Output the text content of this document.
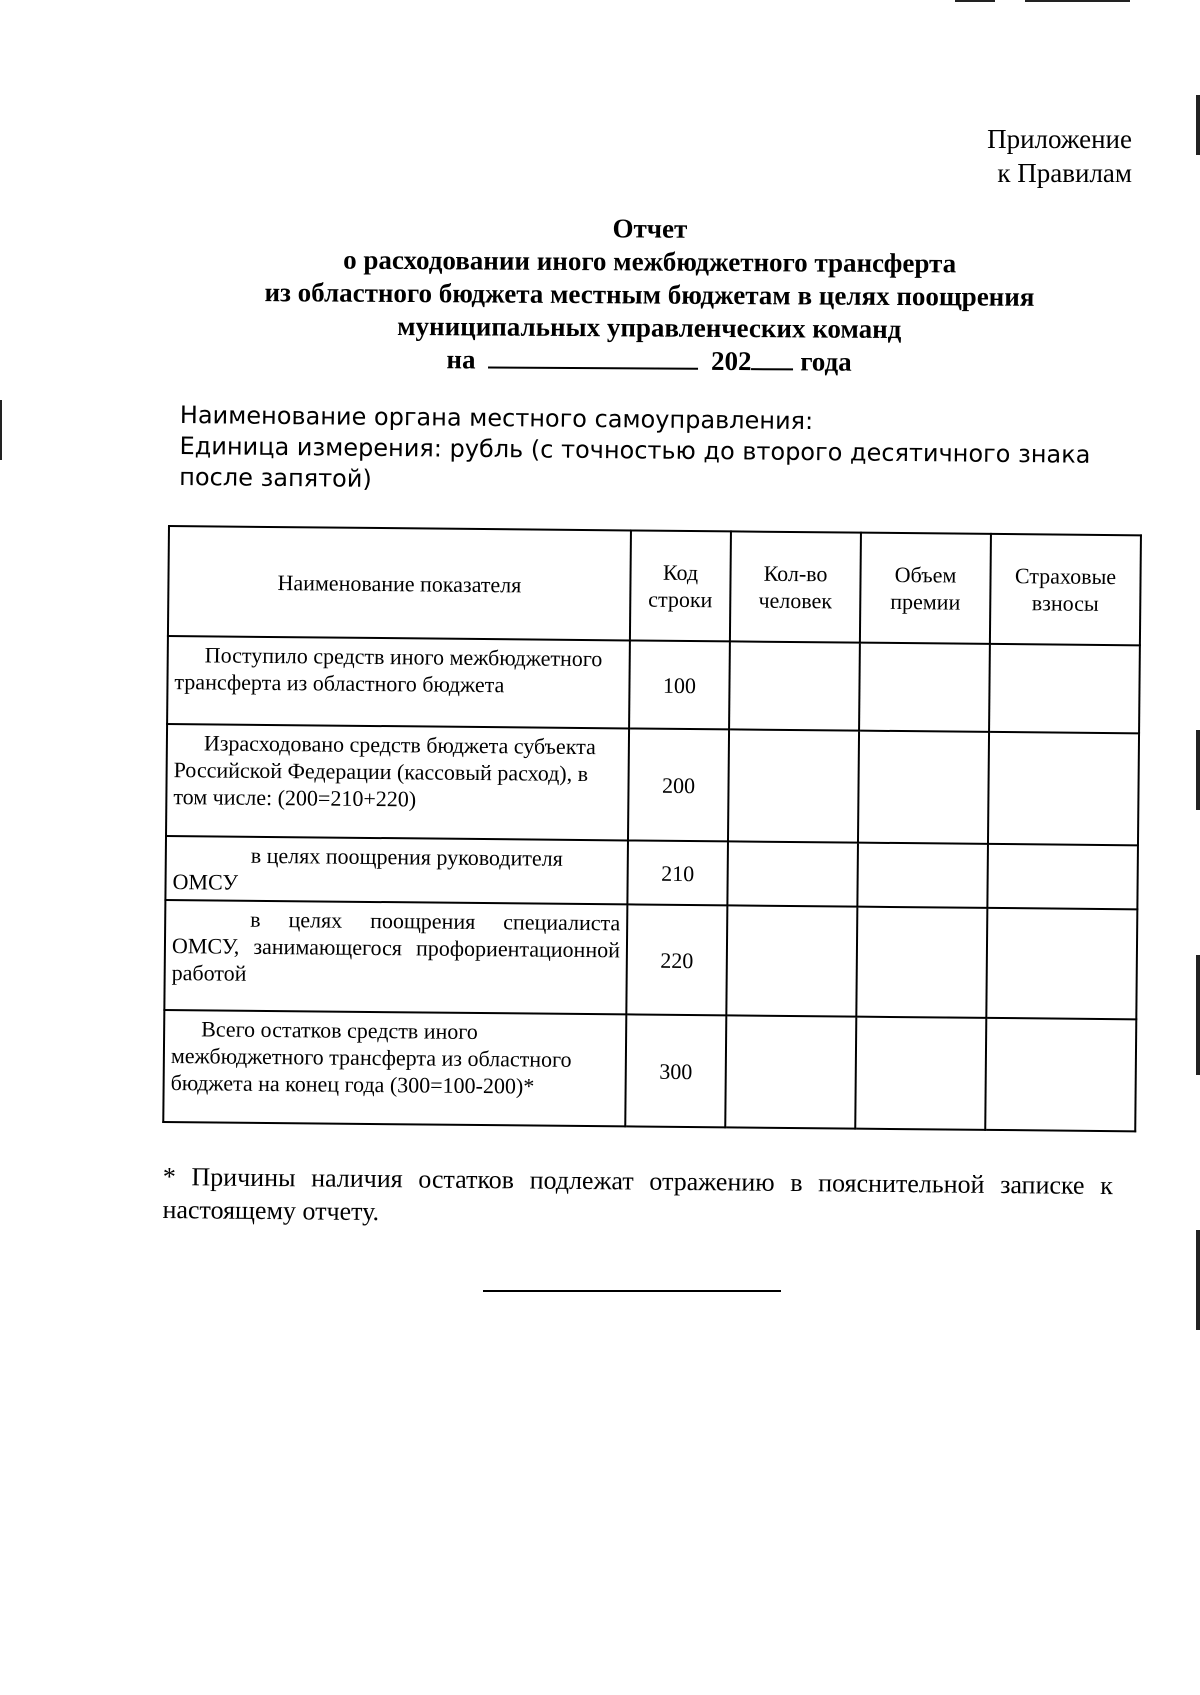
Приложение
к Правилам
Отчет
о расходовании иного межбюджетного трансферта
из областного бюджета местным бюджетам в целях поощрения
муниципальных управленческих команд
на	202 года
Наименование органа местного самоуправления:
Единица измерения: рубль (с точностью до второго десятичного знака после запятой)
Наименование показателя	Код строки	Кол-во человек	Объем премии	Страховые взносы
Поступило средств иного межбюджетного трансферта из областного бюджета	100			
Израсходовано средств бюджета субъекта Российской Федерации (кассовый расход), в том числе: (200=210+220)	200			
в целях поощрения руководителя ОМСУ	210			
в целях поощрения специалиста ОМСУ, занимающегося профориентационной работой	220			
Всего остатков средств иного межбюджетного трансферта из областного бюджета на конец года (300=100-200)*	300			
* Причины наличия остатков подлежат отражению в пояснительной записке к настоящему отчету.
